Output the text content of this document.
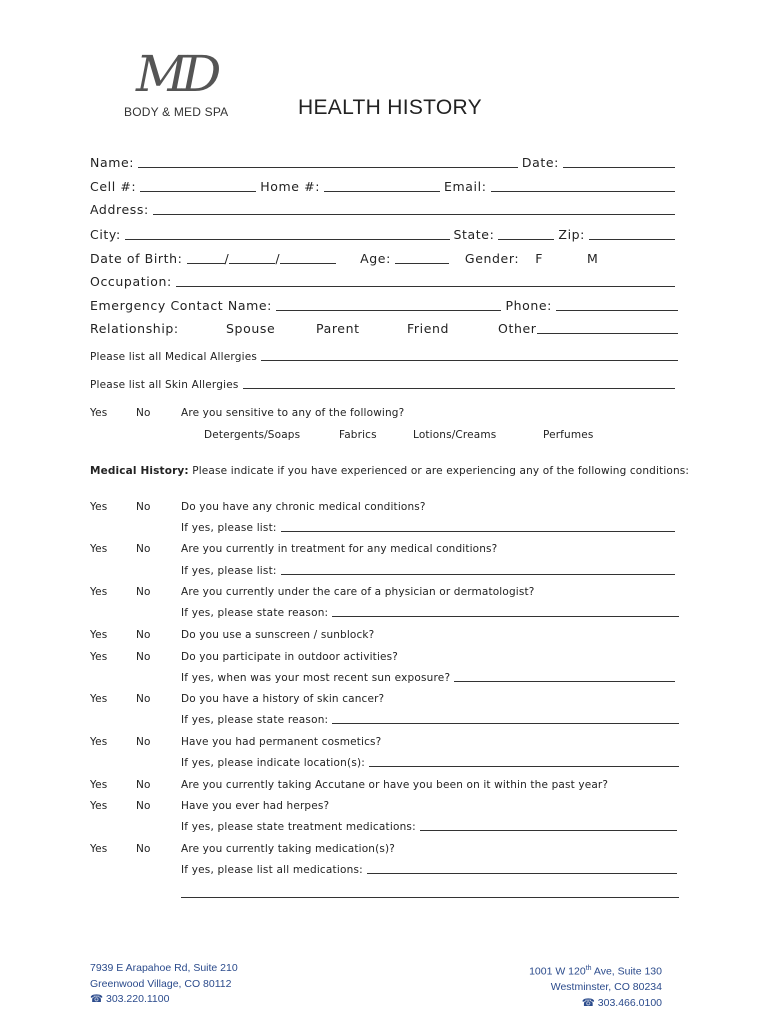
MD
BODY & MED SPA	HEALTH HISTORY
Name:	Date:
Cell #:	Home #:	Email:
Address:
City:	State:	Zip:
Date of Birth:	/	/	Age:	Gender: F	M
Occupation:
Emergency Contact Name:	Phone:
Relationship:	Spouse	Parent	Friend	Other
Please list all Medical Allergies
Please list all Skin Allergies
Yes	No	Are you sensitive to any of the following?
Detergents/Soaps	Fabrics	Lotions/Creams	Perfumes
Medical History: Please indicate if you have experienced or are experiencing any of the following conditions:
Yes	No	Do you have any chronic medical conditions?
If yes, please list:
Yes	No	Are you currently in treatment for any medical conditions?
If yes, please list:
Yes	No	Are you currently under the care of a physician or dermatologist?
If yes, please state reason:
Yes	No	Do you use a sunscreen / sunblock?
Yes	No	Do you participate in outdoor activities?
If yes, when was your most recent sun exposure?
Yes	No	Do you have a history of skin cancer?
If yes, please state reason:
Yes	No	Have you had permanent cosmetics?
If yes, please indicate location(s):
Yes	No	Are you currently taking Accutane or have you been on it within the past year?
Yes	No	Have you ever had herpes?
If yes, please state treatment medications:
Yes	No	Are you currently taking medication(s)?
If yes, please list all medications:
7939 E Arapahoe Rd, Suite 210
Greenwood Village, CO 80112
☎ 303.220.1100
1001 W 120th Ave, Suite 130
Westminster, CO 80234
☎ 303.466.0100
